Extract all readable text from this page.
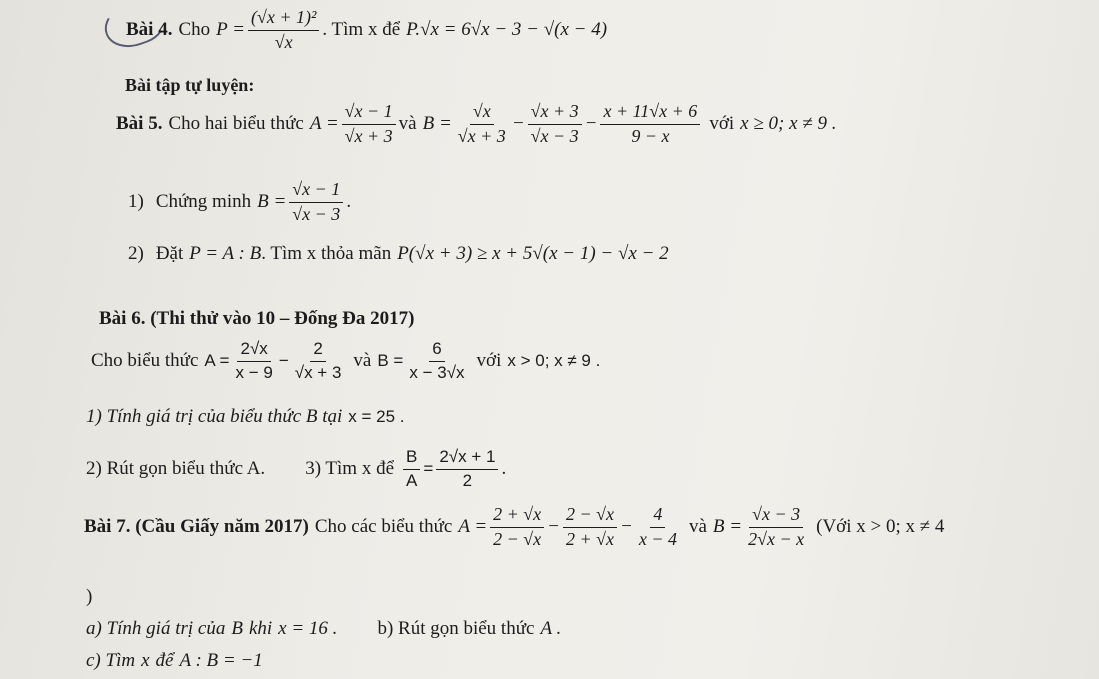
Bài 4. Cho $P = \frac{\text{(√x + 1)²}}{√x}$ . Tìm x để P.√x = 6√x − 3 − √(x − 4)
Bài tập tự luyện:
Bài 5. Cho hai biểu thức $A = \frac{√x - 1}{√x + 3}$ và $B = \frac{√x}{√x + 3} - \frac{√x + 3}{√x - 3} - \frac{x + 11√x + 6}{9 - x}$ với x ≥ 0; x ≠ 9 .
1) Chứng minh $B = \frac{√x - 1}{√x - 3}$ .
2) Đặt P = A : B . Tìm x thỏa mãn P(√x + 3) ≥ x + 5√(x − 1) − √x − 2
Bài 6. (Thi thử vào 10 – Đống Đa 2017)
Cho biểu thức $A = \frac{2√x}{x - 9} - \frac{2}{√x + 3}$ và $B = \frac{6}{x - 3√x}$ với x > 0; x ≠ 9 .
1) Tính giá trị của biểu thức B tại x = 25 .
2) Rút gọn biểu thức A. 3) Tìm x để $\frac{B}{A} = \frac{2√x + 1}{2}$ .
Bài 7. (Cầu Giấy năm 2017) Cho các biểu thức $A = \frac{2 + √x}{2 - √x} - \frac{2 - √x}{2 + √x} - \frac{4}{x - 4}$ và $B = \frac{√x - 3}{2√x - x}$ (Với x > 0; x ≠ 4
)
a) Tính giá trị của B khi x = 16 . b) Rút gọn biểu thức A .
c) Tìm x để A : B = −1
